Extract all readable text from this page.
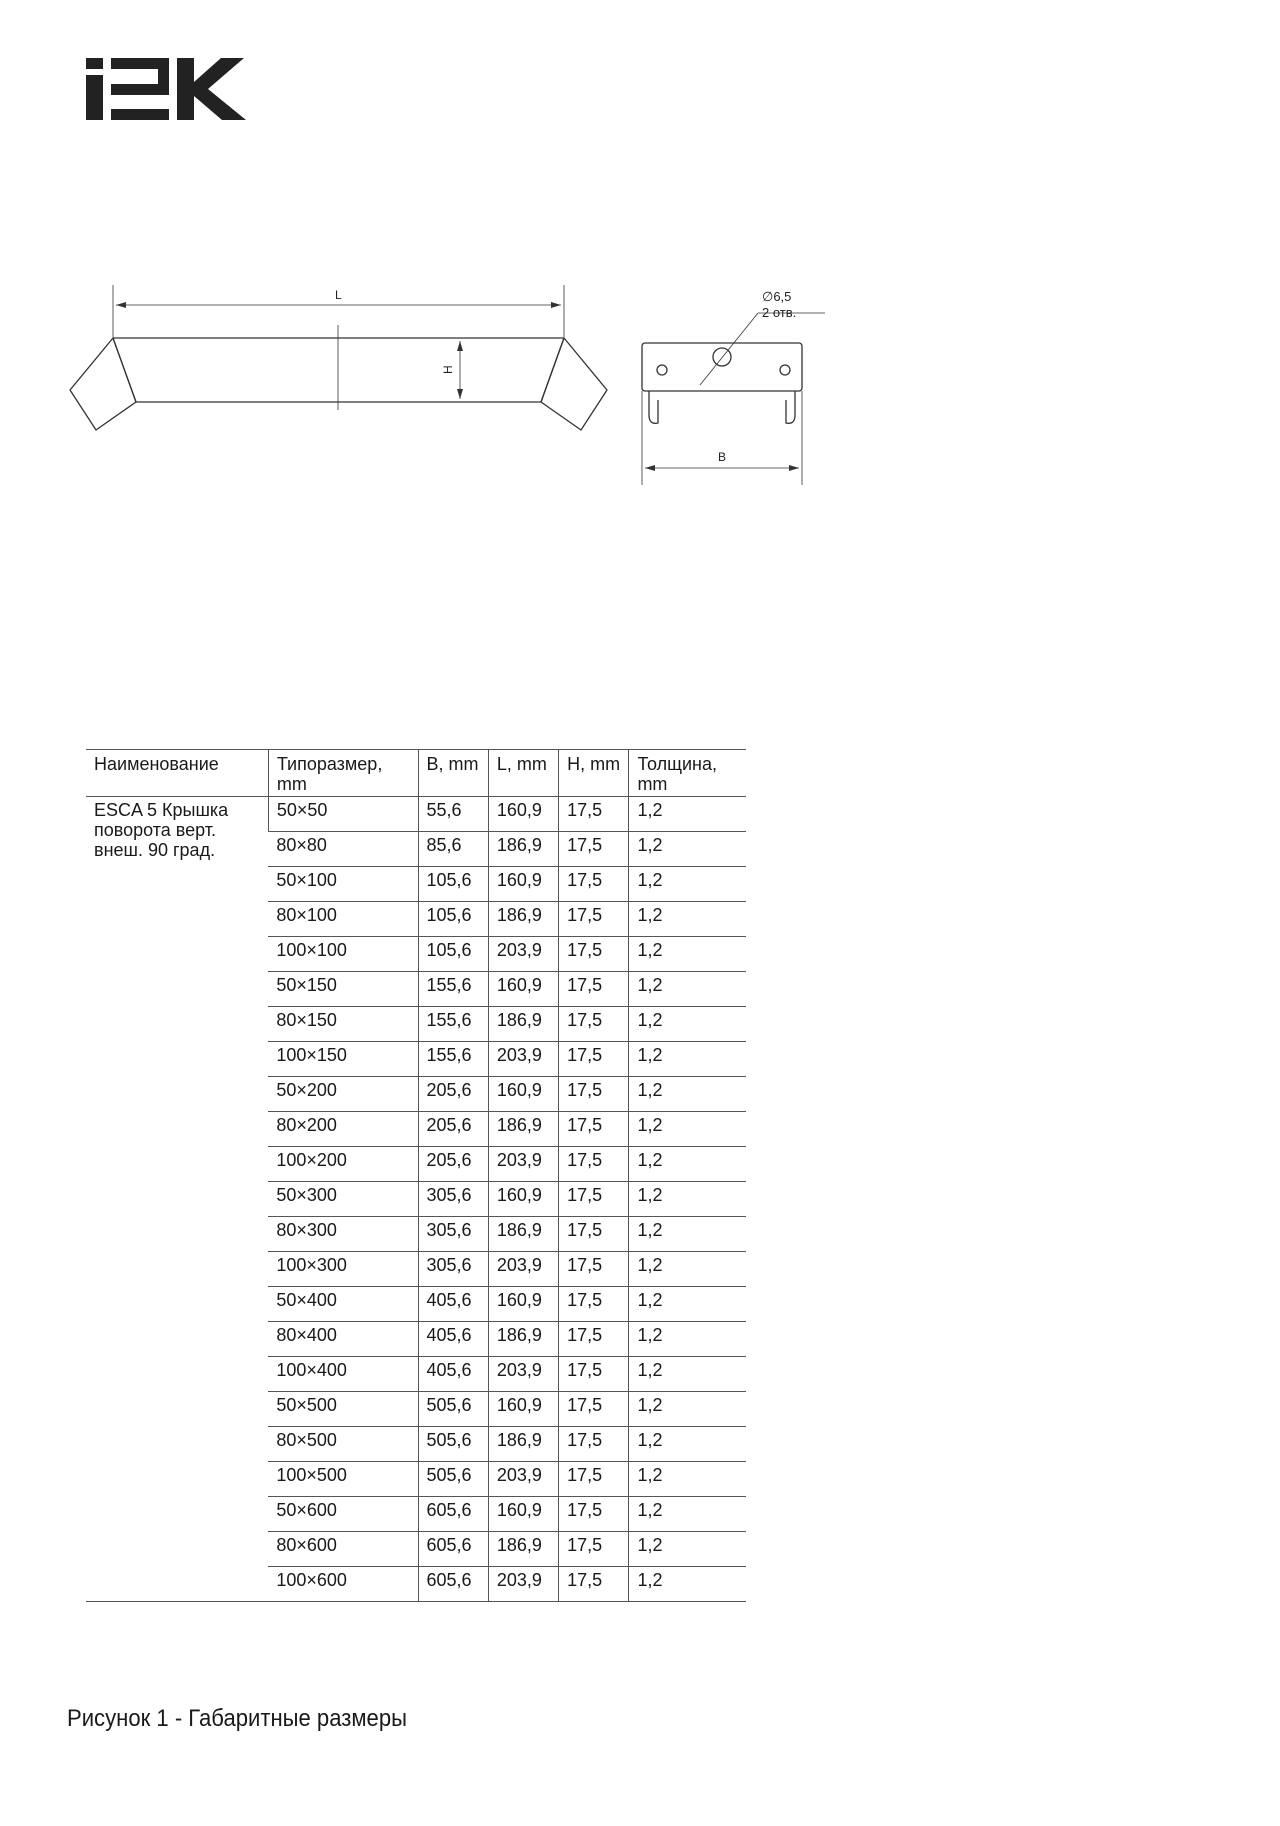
L
H
B
∅6,5
2 отв.
Наименование	Типоразмер, mm	B, mm	L, mm	H, mm	Толщина, mm
ESCA 5 Крышка поворота верт. внеш. 90 град.	50×50	55,6	160,9	17,5	1,2
	80×80	85,6	186,9	17,5	1,2
	50×100	105,6	160,9	17,5	1,2
	80×100	105,6	186,9	17,5	1,2
	100×100	105,6	203,9	17,5	1,2
	50×150	155,6	160,9	17,5	1,2
	80×150	155,6	186,9	17,5	1,2
	100×150	155,6	203,9	17,5	1,2
	50×200	205,6	160,9	17,5	1,2
	80×200	205,6	186,9	17,5	1,2
	100×200	205,6	203,9	17,5	1,2
	50×300	305,6	160,9	17,5	1,2
	80×300	305,6	186,9	17,5	1,2
	100×300	305,6	203,9	17,5	1,2
	50×400	405,6	160,9	17,5	1,2
	80×400	405,6	186,9	17,5	1,2
	100×400	405,6	203,9	17,5	1,2
	50×500	505,6	160,9	17,5	1,2
	80×500	505,6	186,9	17,5	1,2
	100×500	505,6	203,9	17,5	1,2
	50×600	605,6	160,9	17,5	1,2
	80×600	605,6	186,9	17,5	1,2
	100×600	605,6	203,9	17,5	1,2
Рисунок 1 - Габаритные размеры
